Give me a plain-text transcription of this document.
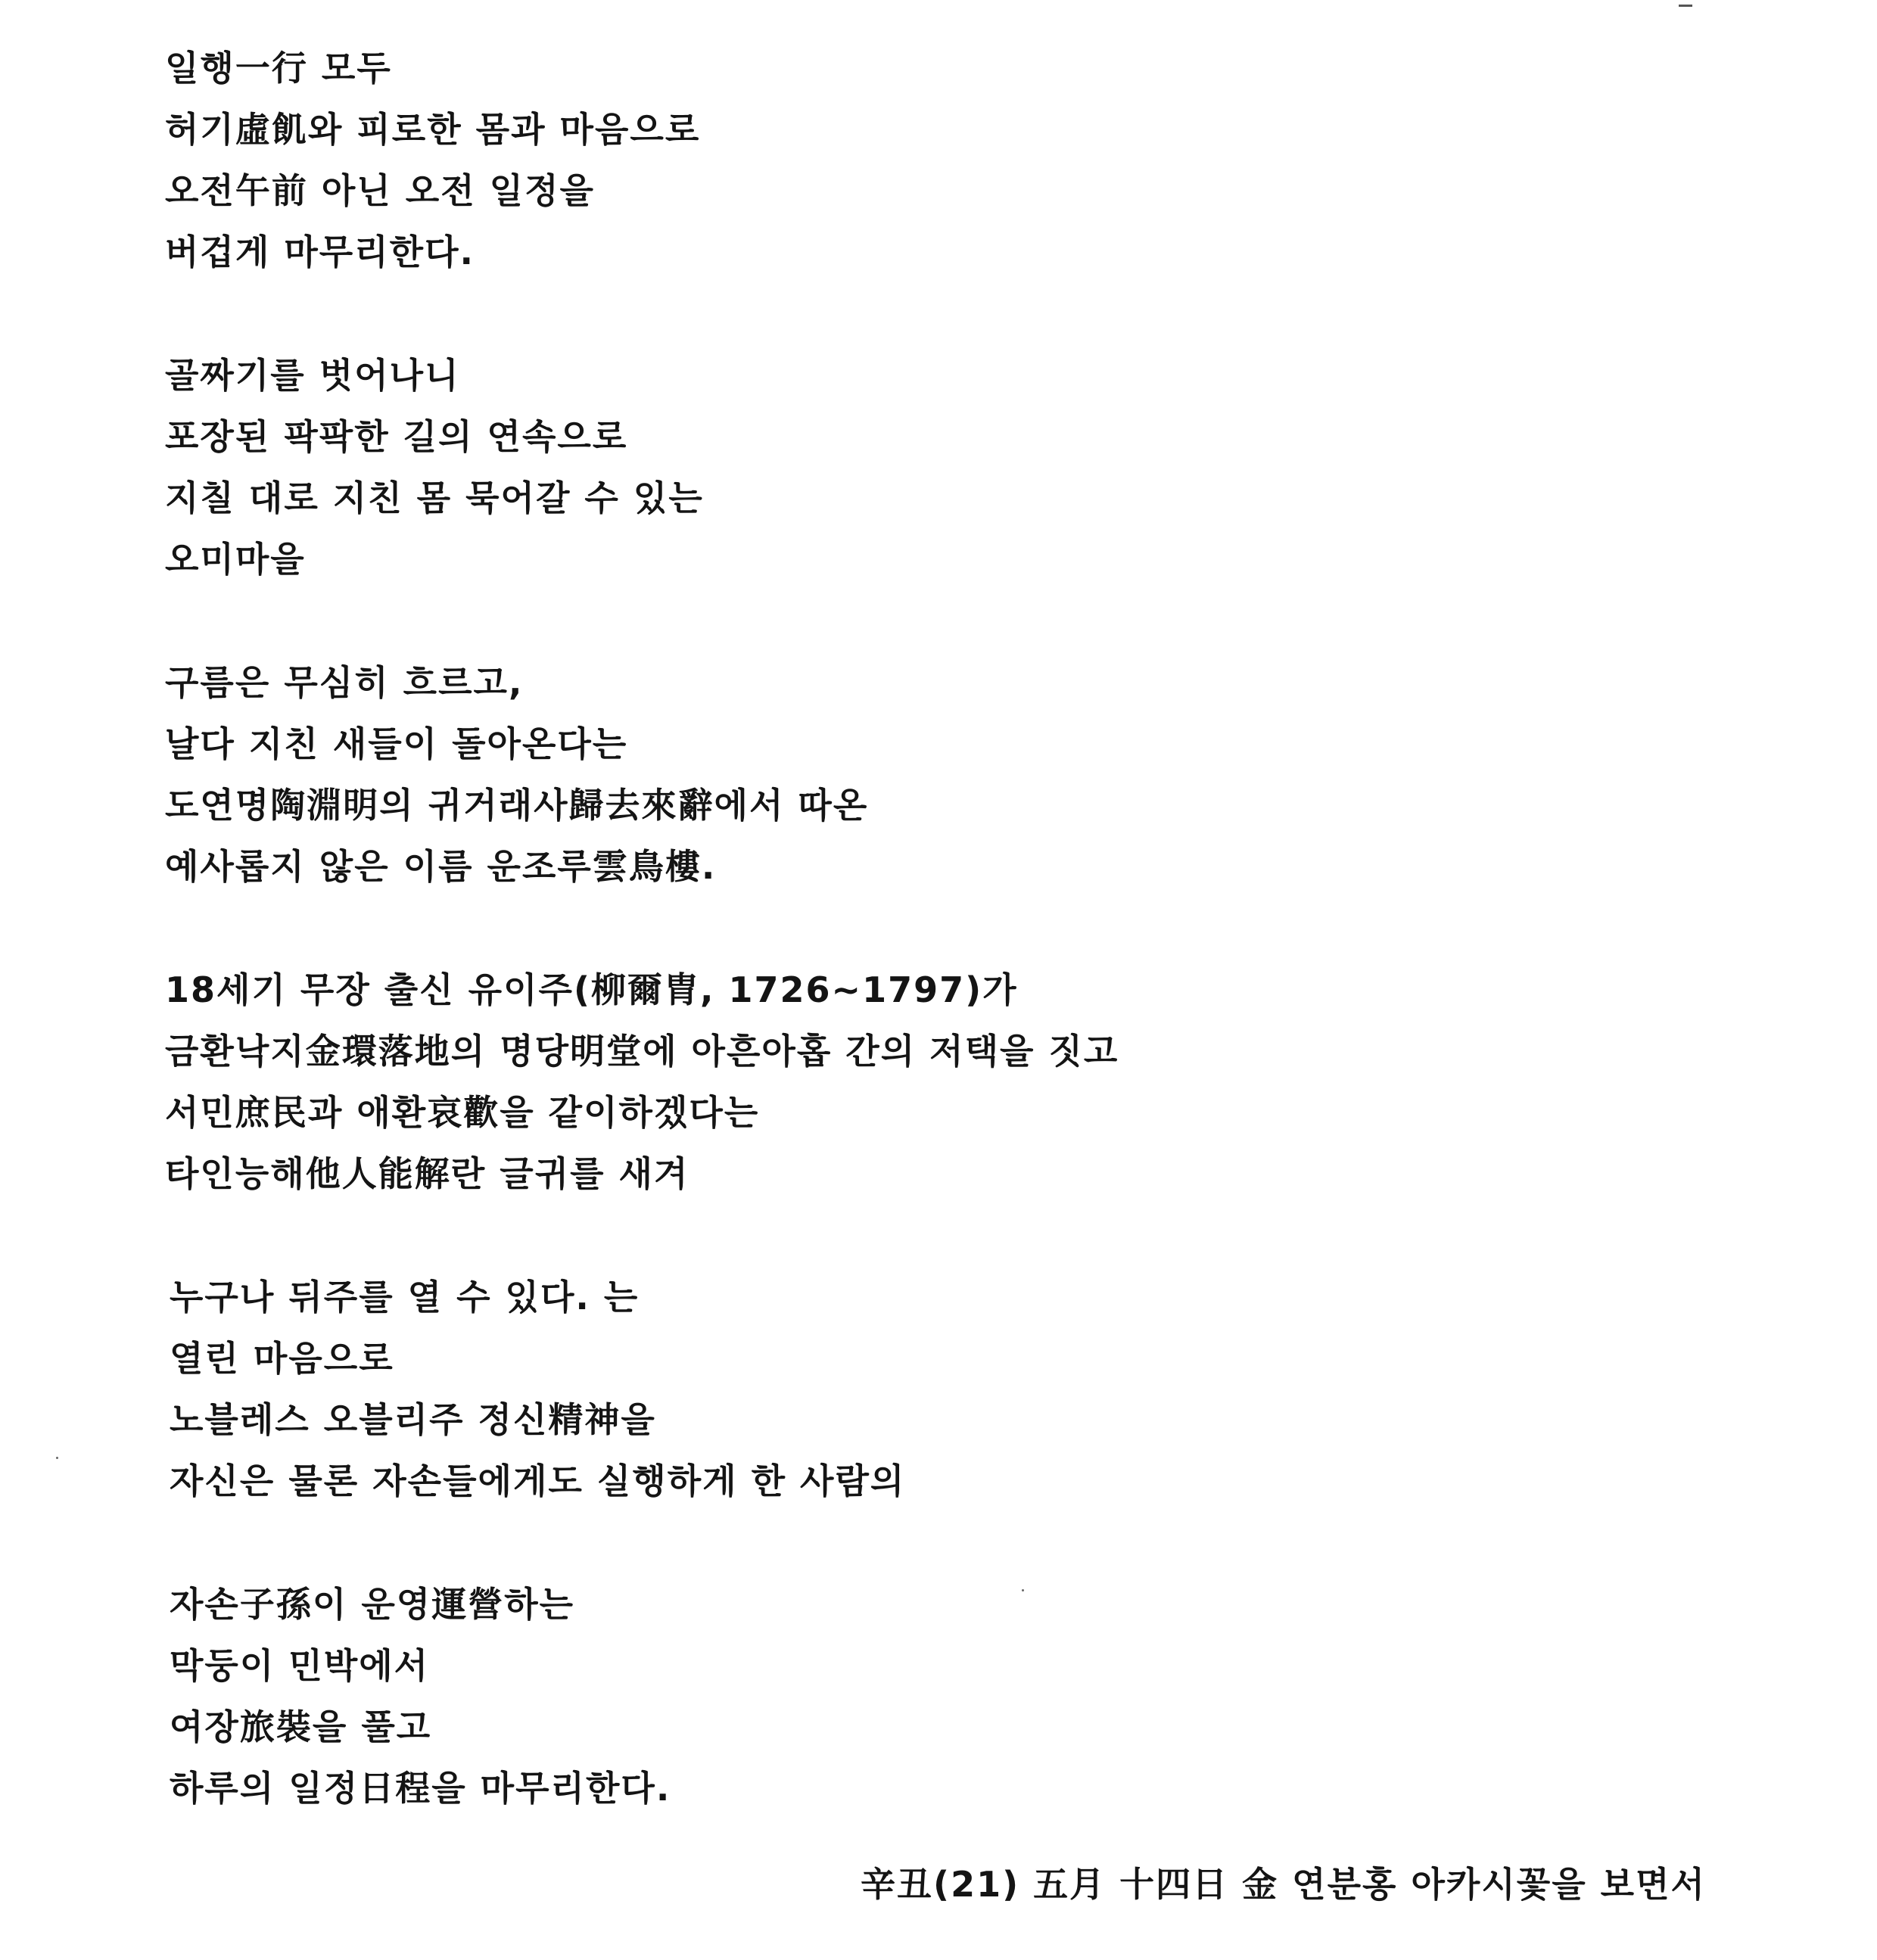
일행一行 모두
허기虛飢와 피로한 몸과 마음으로
오전午前 아닌 오전 일정을
버겁게 마무리한다.
골짜기를 벗어나니
포장된 팍팍한 길의 연속으로
지칠 대로 지친 몸 묵어갈 수 있는
오미마을
구름은 무심히 흐르고,
날다 지친 새들이 돌아온다는
도연명陶淵明의 귀거래사歸去來辭에서 따온
예사롭지 않은 이름 운조루雲鳥樓.
18세기 무장 출신 유이주(柳爾胄, 1726~1797)가
금환낙지金環落地의 명당明堂에 아흔아홉 간의 저택을 짓고
서민庶民과 애환哀歡을 같이하겠다는
타인능해他人能解란 글귀를 새겨
누구나 뒤주를 열 수 있다. 는
열린 마음으로
노블레스 오블리주 정신精神을
자신은 물론 자손들에게도 실행하게 한 사람의
자손子孫이 운영運營하는
막둥이 민박에서
여장旅裝을 풀고
하루의 일정日程을 마무리한다.
辛丑(21) 五月 十四日 金 연분홍 아카시꽃을 보면서
